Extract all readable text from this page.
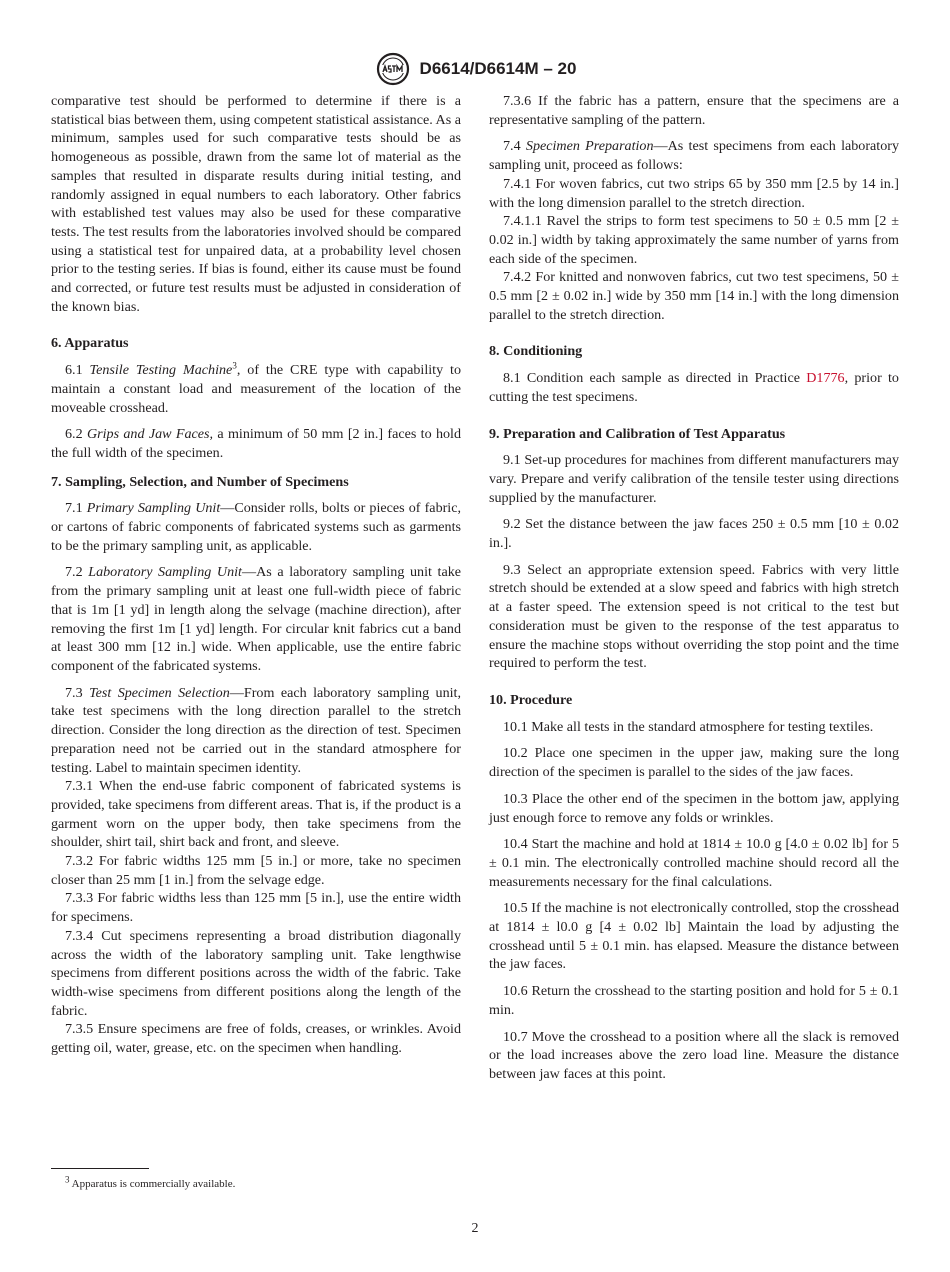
D6614/D6614M – 20

comparative test should be performed to determine if there is a statistical bias between them, using competent statistical assistance. As a minimum, samples used for such comparative tests should be as homogeneous as possible, drawn from the same lot of material as the samples that resulted in disparate results during initial testing, and randomly assigned in equal numbers to each laboratory. Other fabrics with established test values may also be used for these comparative tests. The test results from the laboratories involved should be compared using a statistical test for unpaired data, at a probability level chosen prior to the testing series. If bias is found, either its cause must be found and corrected, or future test results must be adjusted in consideration of the known bias.

6. Apparatus

6.1 Tensile Testing Machine$^3$, of the CRE type with capability to maintain a constant load and measurement of the location of the moveable crosshead.

6.2 Grips and Jaw Faces, a minimum of 50 mm [2 in.] faces to hold the full width of the specimen.

7. Sampling, Selection, and Number of Specimens

7.1 Primary Sampling Unit—Consider rolls, bolts or pieces of fabric, or cartons of fabric components of fabricated systems such as garments to be the primary sampling unit, as applicable.

7.2 Laboratory Sampling Unit—As a laboratory sampling unit take from the primary sampling unit at least one full-width piece of fabric that is 1m [1 yd] in length along the selvage (machine direction), after removing the first 1m [1 yd] length. For circular knit fabrics cut a band at least 300 mm [12 in.] wide. When applicable, use the entire fabric component of the fabricated systems.

7.3 Test Specimen Selection—From each laboratory sampling unit, take test specimens with the long direction parallel to the stretch direction. Consider the long direction as the direction of test. Specimen preparation need not be carried out in the standard atmosphere for testing. Label to maintain specimen identity.

7.3.1 When the end-use fabric component of fabricated systems is provided, take specimens from different areas. That is, if the product is a garment worn on the upper body, then take specimens from the shoulder, shirt tail, shirt back and front, and sleeve.

7.3.2 For fabric widths 125 mm [5 in.] or more, take no specimen closer than 25 mm [1 in.] from the selvage edge.

7.3.3 For fabric widths less than 125 mm [5 in.], use the entire width for specimens.

7.3.4 Cut specimens representing a broad distribution diagonally across the width of the laboratory sampling unit. Take lengthwise specimens from different positions across the width of the fabric. Take width-wise specimens from different positions along the length of the fabric.

7.3.5 Ensure specimens are free of folds, creases, or wrinkles. Avoid getting oil, water, grease, etc. on the specimen when handling.

7.3.6 If the fabric has a pattern, ensure that the specimens are a representative sampling of the pattern.

7.4 Specimen Preparation—As test specimens from each laboratory sampling unit, proceed as follows:

7.4.1 For woven fabrics, cut two strips 65 by 350 mm [2.5 by 14 in.] with the long dimension parallel to the stretch direction.

7.4.1.1 Ravel the strips to form test specimens to 50 ± 0.5 mm [2 ± 0.02 in.] width by taking approximately the same number of yarns from each side of the specimen.

7.4.2 For knitted and nonwoven fabrics, cut two test specimens, 50 ± 0.5 mm [2 ± 0.02 in.] wide by 350 mm [14 in.] with the long dimension parallel to the stretch direction.

8. Conditioning

8.1 Condition each sample as directed in Practice D1776, prior to cutting the test specimens.

9. Preparation and Calibration of Test Apparatus

9.1 Set-up procedures for machines from different manufacturers may vary. Prepare and verify calibration of the tensile tester using directions supplied by the manufacturer.

9.2 Set the distance between the jaw faces 250 ± 0.5 mm [10 ± 0.02 in.].

9.3 Select an appropriate extension speed. Fabrics with very little stretch should be extended at a slow speed and fabrics with high stretch at a faster speed. The extension speed is not critical to the test but consideration must be given to the response of the test apparatus to ensure the machine stops without overriding the stop point and the time required to perform the test.

10. Procedure

10.1 Make all tests in the standard atmosphere for testing textiles.

10.2 Place one specimen in the upper jaw, making sure the long direction of the specimen is parallel to the sides of the jaw faces.

10.3 Place the other end of the specimen in the bottom jaw, applying just enough force to remove any folds or wrinkles.

10.4 Start the machine and hold at 1814 ± 10.0 g [4.0 ± 0.02 lb] for 5 ± 0.1 min. The electronically controlled machine should record all the measurements necessary for the final calculations.

10.5 If the machine is not electronically controlled, stop the crosshead at 1814 ± l0.0 g [4 ± 0.02 lb] Maintain the load by adjusting the crosshead until 5 ± 0.1 min. has elapsed. Measure the distance between the jaw faces.

10.6 Return the crosshead to the starting position and hold for 5 ± 0.1 min.

10.7 Move the crosshead to a position where all the slack is removed or the load increases above the zero load line. Measure the distance between jaw faces at this point.

$^3$ Apparatus is commercially available.
2
